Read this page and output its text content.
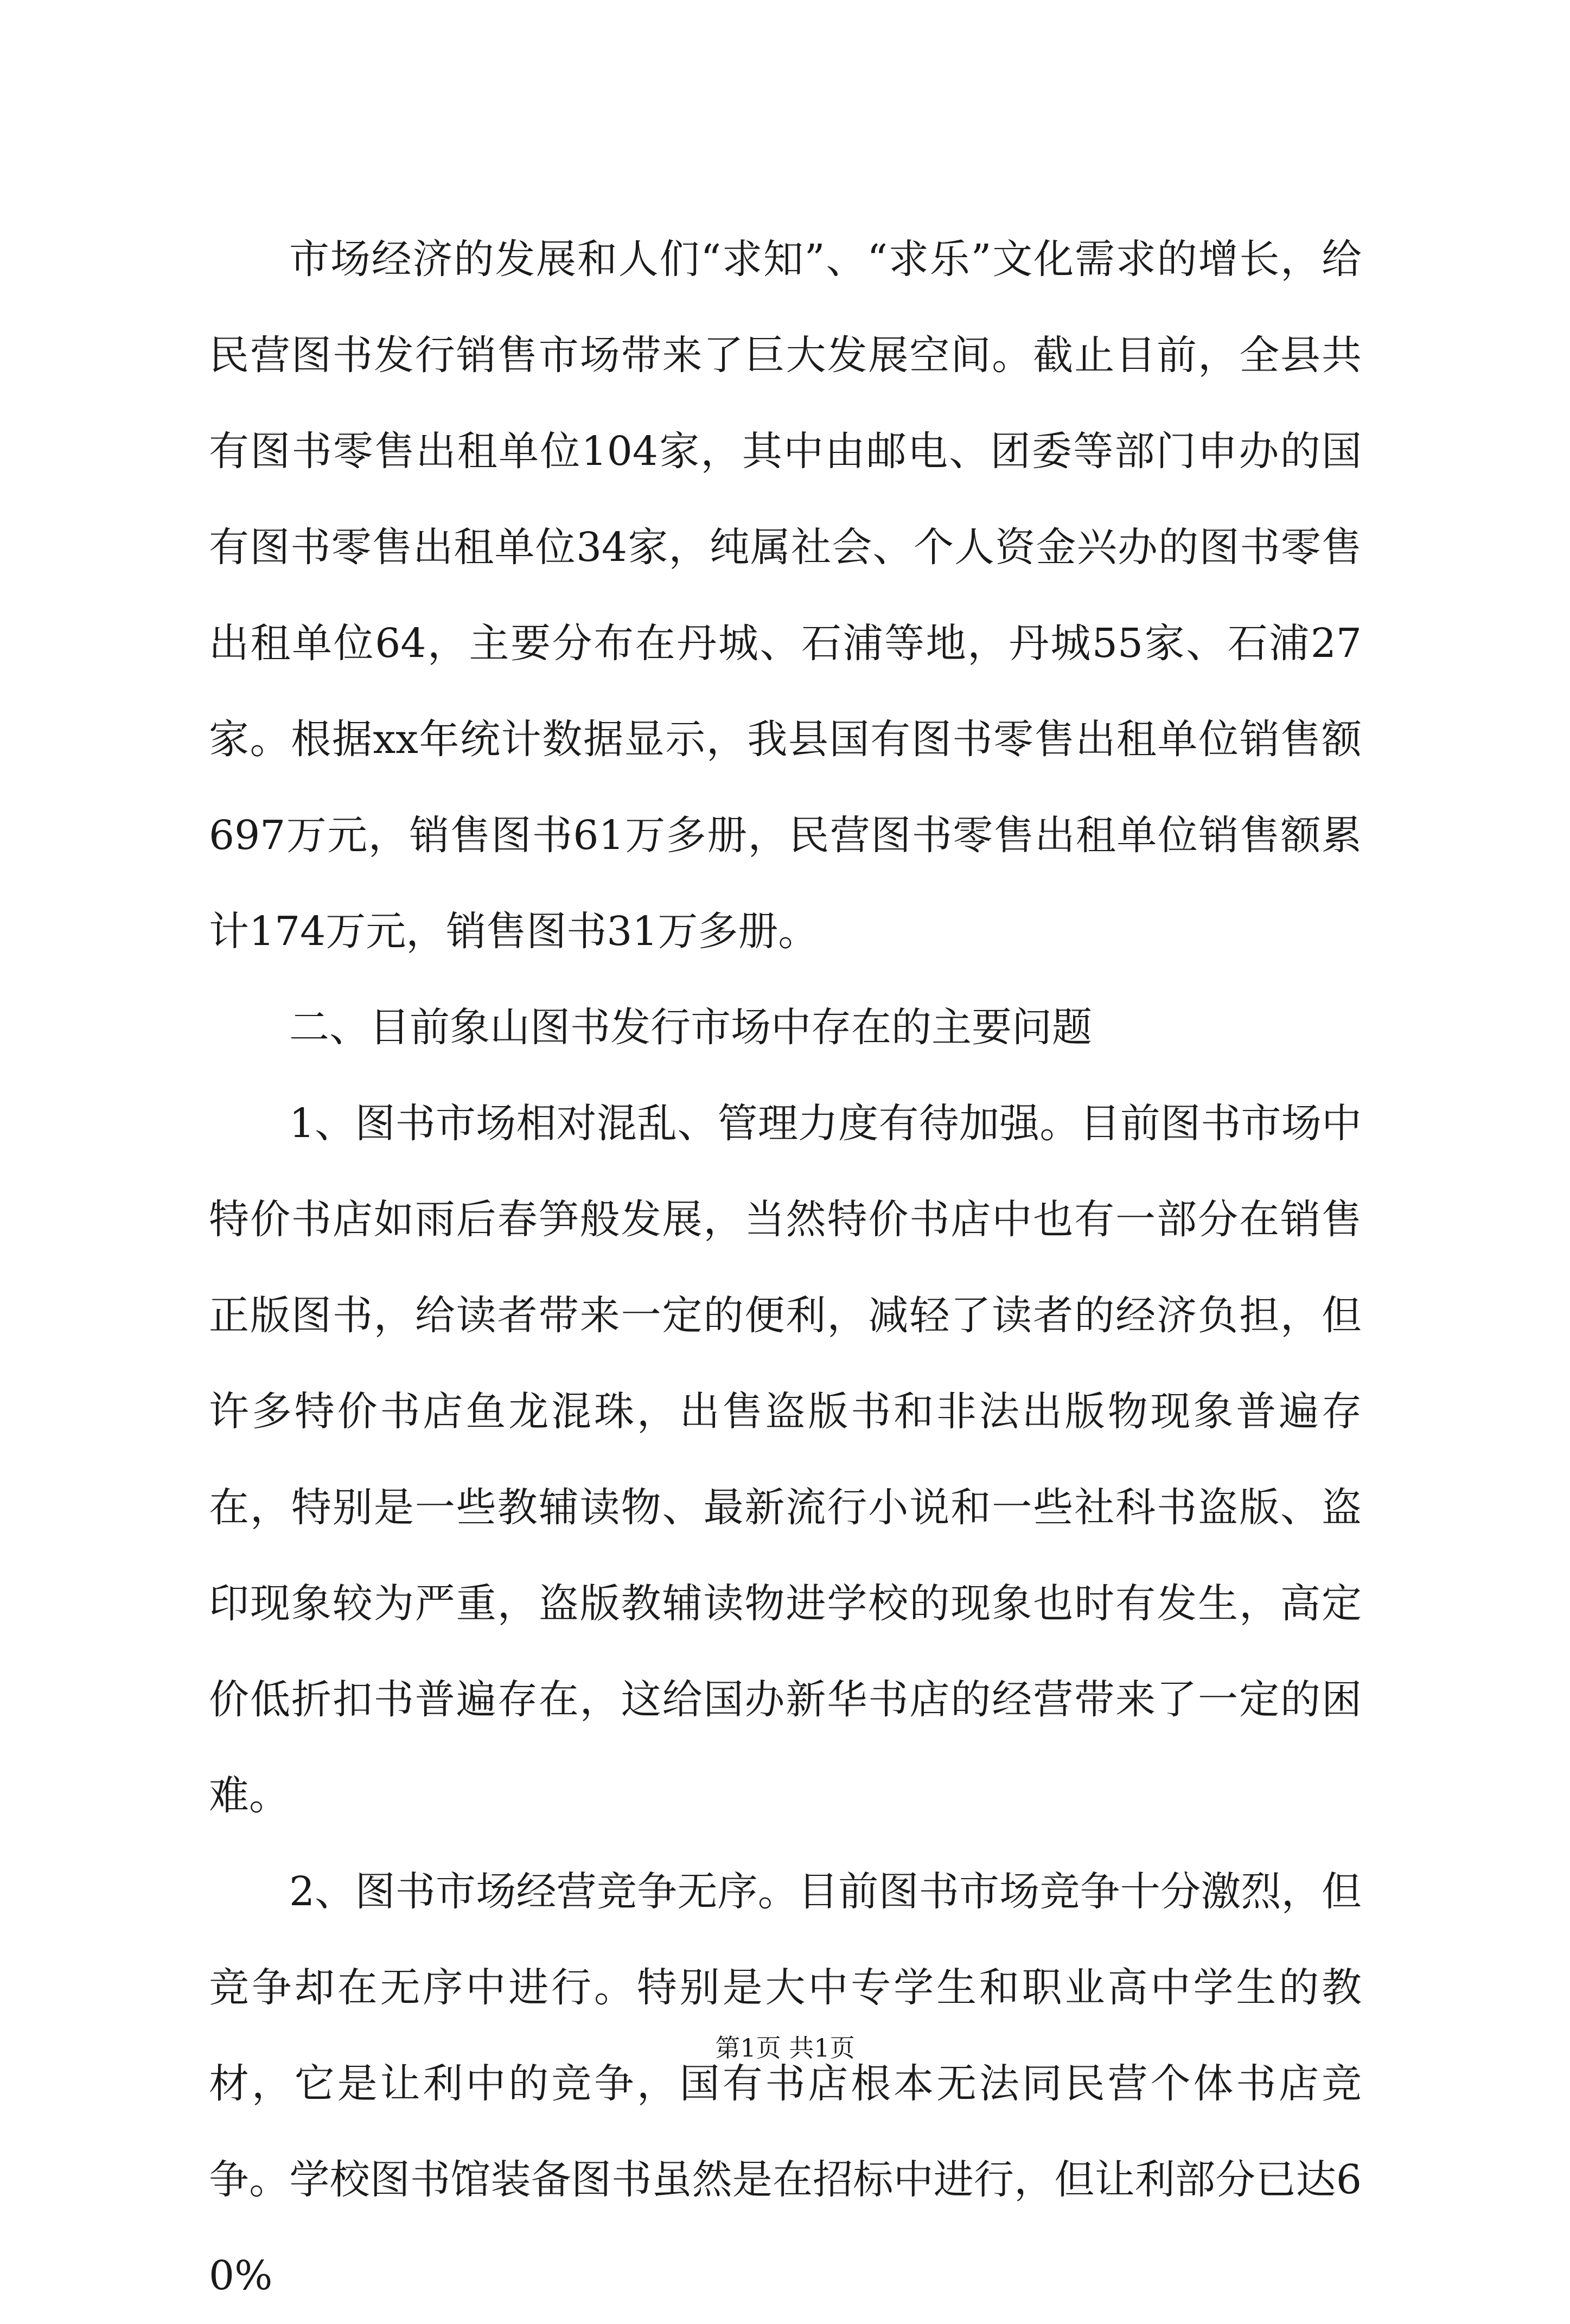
市场经济的发展和人们“求知”、“求乐”文化需求的增长，给民营图书发行销售市场带来了巨大发展空间。截止目前，全县共有图书零售出租单位104家，其中由邮电、团委等部门申办的国有图书零售出租单位34家，纯属社会、个人资金兴办的图书零售出租单位64，主要分布在丹城、石浦等地，丹城55家、石浦27家。根据xx年统计数据显示，我县国有图书零售出租单位销售额697万元，销售图书61万多册，民营图书零售出租单位销售额累计174万元，销售图书31万多册。

二、目前象山图书发行市场中存在的主要问题

1、图书市场相对混乱、管理力度有待加强。目前图书市场中特价书店如雨后春笋般发展，当然特价书店中也有一部分在销售正版图书，给读者带来一定的便利，减轻了读者的经济负担，但许多特价书店鱼龙混珠，出售盗版书和非法出版物现象普遍存在，特别是一些教辅读物、最新流行小说和一些社科书盗版、盗印现象较为严重，盗版教辅读物进学校的现象也时有发生，高定价低折扣书普遍存在，这给国办新华书店的经营带来了一定的困难。

2、图书市场经营竞争无序。目前图书市场竞争十分激烈，但竞争却在无序中进行。特别是大中专学生和职业高中学生的教材，它是让利中的竞争，国有书店根本无法同民营个体书店竞争。学校图书馆装备图书虽然是在招标中进行，但让利部分已达60%

第1页 共1页
